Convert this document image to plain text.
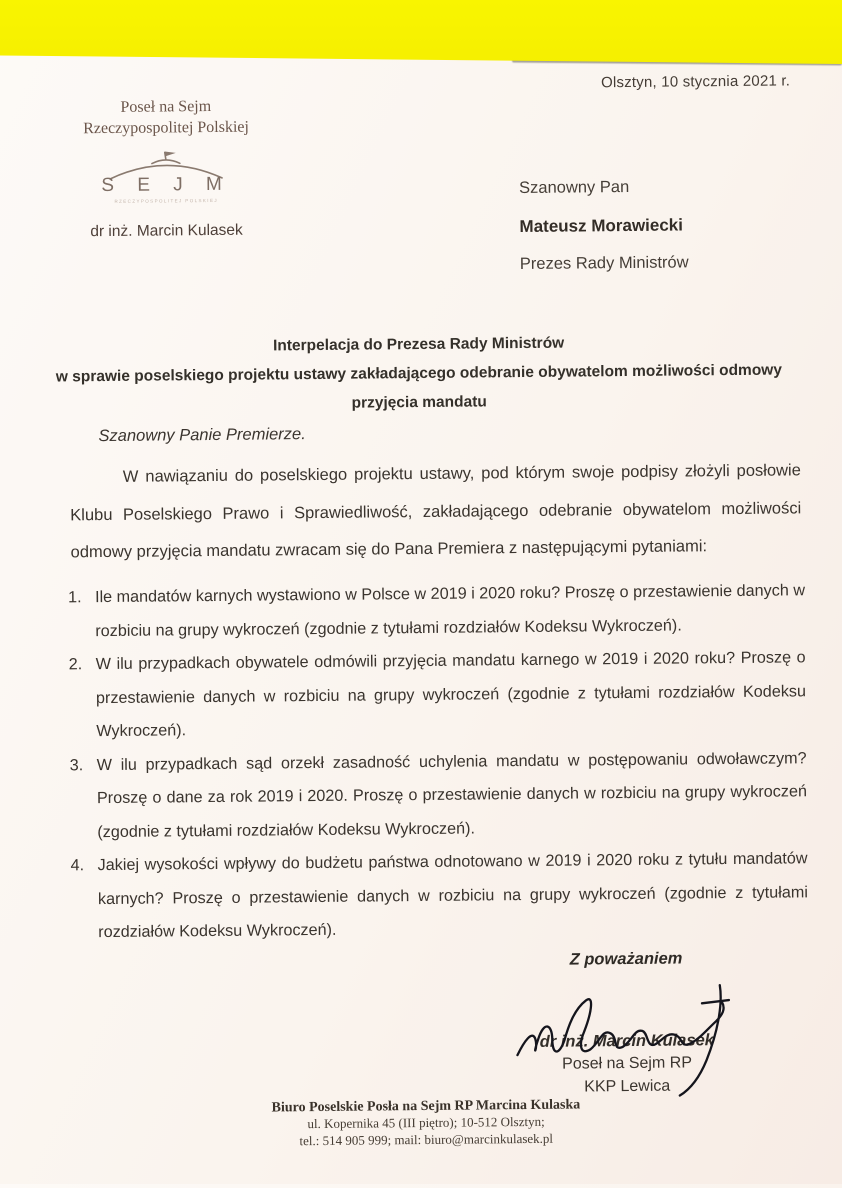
Olsztyn, 10 stycznia 2021 r.
Poseł na Sejm
Rzeczypospolitej Polskiej
S E J M
RZECZYPOSPOLITEJ POLSKIEJ
dr inż. Marcin Kulasek
Szanowny Pan
Mateusz Morawiecki
Prezes Rady Ministrów
Interpelacja do Prezesa Rady Ministrów
w sprawie poselskiego projektu ustawy zakładającego odebranie obywatelom możliwości odmowy
przyjęcia mandatu
Szanowny Panie Premierze.
W nawiązaniu do poselskiego projektu ustawy, pod którym swoje podpisy złożyli posłowie Klubu Poselskiego Prawo i Sprawiedliwość, zakładającego odebranie obywatelom możliwości odmowy przyjęcia mandatu zwracam się do Pana Premiera z następującymi pytaniami:
1. Ile mandatów karnych wystawiono w Polsce w 2019 i 2020 roku? Proszę o przestawienie danych w rozbiciu na grupy wykroczeń (zgodnie z tytułami rozdziałów Kodeksu Wykroczeń).
2. W ilu przypadkach obywatele odmówili przyjęcia mandatu karnego w 2019 i 2020 roku? Proszę o przestawienie danych w rozbiciu na grupy wykroczeń (zgodnie z tytułami rozdziałów Kodeksu Wykroczeń).
3. W ilu przypadkach sąd orzekł zasadność uchylenia mandatu w postępowaniu odwoławczym? Proszę o dane za rok 2019 i 2020. Proszę o przestawienie danych w rozbiciu na grupy wykroczeń (zgodnie z tytułami rozdziałów Kodeksu Wykroczeń).
4. Jakiej wysokości wpływy do budżetu państwa odnotowano w 2019 i 2020 roku z tytułu mandatów karnych? Proszę o przestawienie danych w rozbiciu na grupy wykroczeń (zgodnie z tytułami rozdziałów Kodeksu Wykroczeń).
Z poważaniem
dr inż. Marcin Kulasek
Poseł na Sejm RP
KKP Lewica
Biuro Poselskie Posła na Sejm RP Marcina Kulaska
ul. Kopernika 45 (III piętro); 10-512 Olsztyn;
tel.: 514 905 999; mail: biuro@marcinkulasek.pl
